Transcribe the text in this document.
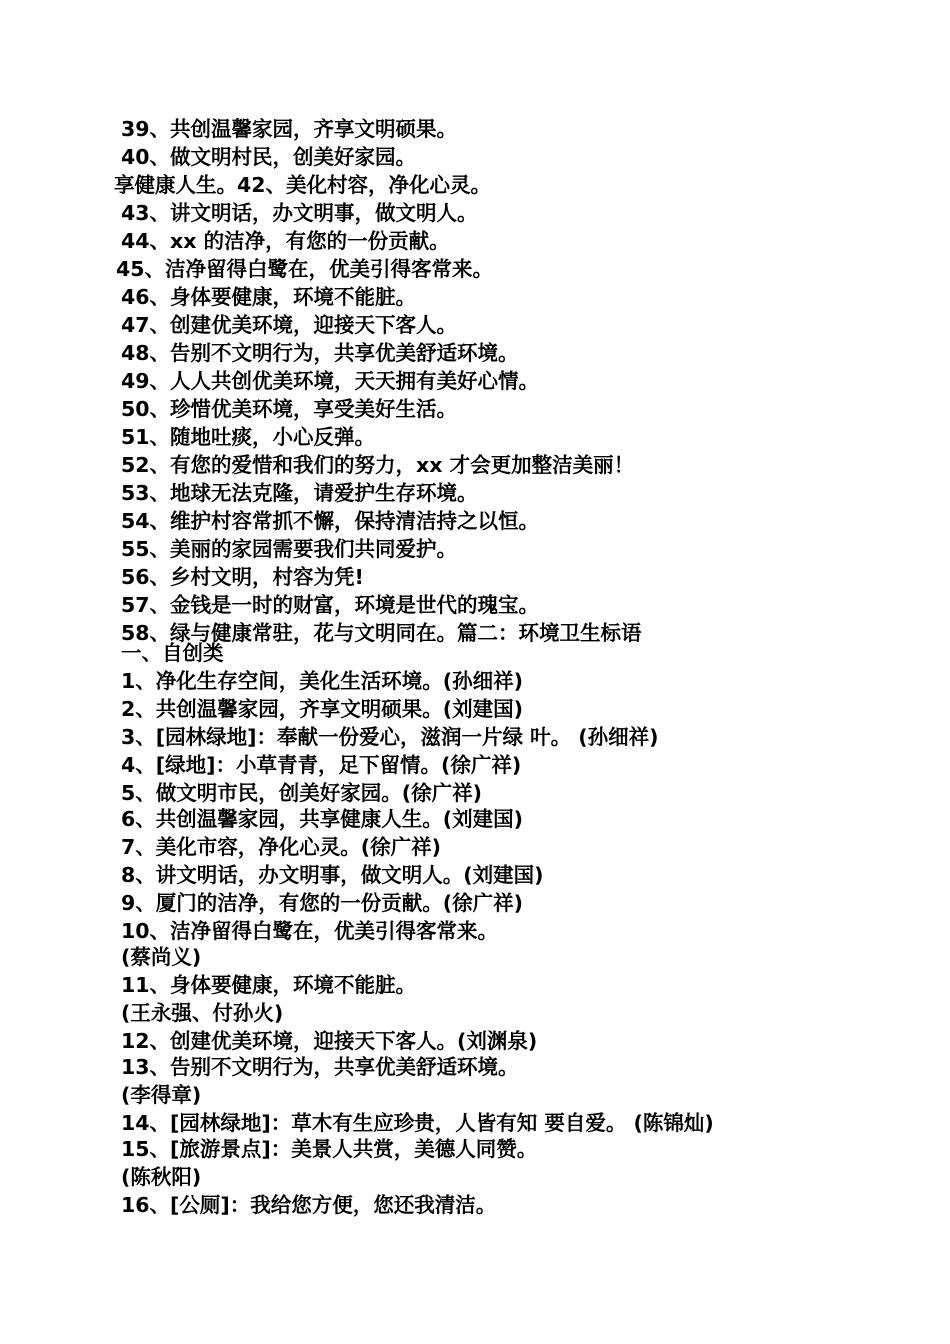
39、共创温馨家园，齐享文明硕果。
40、做文明村民，创美好家园。
享健康人生。42、美化村容，净化心灵。
43、讲文明话，办文明事，做文明人。
44、xx 的洁净，有您的一份贡献。
45、洁净留得白鹭在，优美引得客常来。
46、身体要健康，环境不能脏。
47、创建优美环境，迎接天下客人。
48、告别不文明行为，共享优美舒适环境。
49、人人共创优美环境，天天拥有美好心情。
50、珍惜优美环境，享受美好生活。
51、随地吐痰，小心反弹。
52、有您的爱惜和我们的努力，xx 才会更加整洁美丽！
53、地球无法克隆，请爱护生存环境。
54、维护村容常抓不懈，保持清洁持之以恒。
55、美丽的家园需要我们共同爱护。
56、乡村文明，村容为凭!
57、金钱是一时的财富，环境是世代的瑰宝。
58、绿与健康常驻，花与文明同在。篇二：环境卫生标语
一、自创类
1、净化生存空间，美化生活环境。(孙细祥)
2、共创温馨家园，齐享文明硕果。(刘建国)
3、[园林绿地]：奉献一份爱心，滋润一片绿 叶。 (孙细祥)
4、[绿地]：小草青青，足下留情。(徐广祥)
5、做文明市民，创美好家园。(徐广祥)
6、共创温馨家园，共享健康人生。(刘建国)
7、美化市容，净化心灵。(徐广祥)
8、讲文明话，办文明事，做文明人。(刘建国)
9、厦门的洁净，有您的一份贡献。(徐广祥)
10、洁净留得白鹭在，优美引得客常来。
(蔡尚义)
11、身体要健康，环境不能脏。
(王永强、付孙火)
12、创建优美环境，迎接天下客人。(刘渊泉)
13、告别不文明行为，共享优美舒适环境。
(李得章)
14、[园林绿地]：草木有生应珍贵，人皆有知 要自爱。 (陈锦灿)
15、[旅游景点]：美景人共赏，美德人同赞。
(陈秋阳)
16、[公厕]：我给您方便，您还我清洁。
